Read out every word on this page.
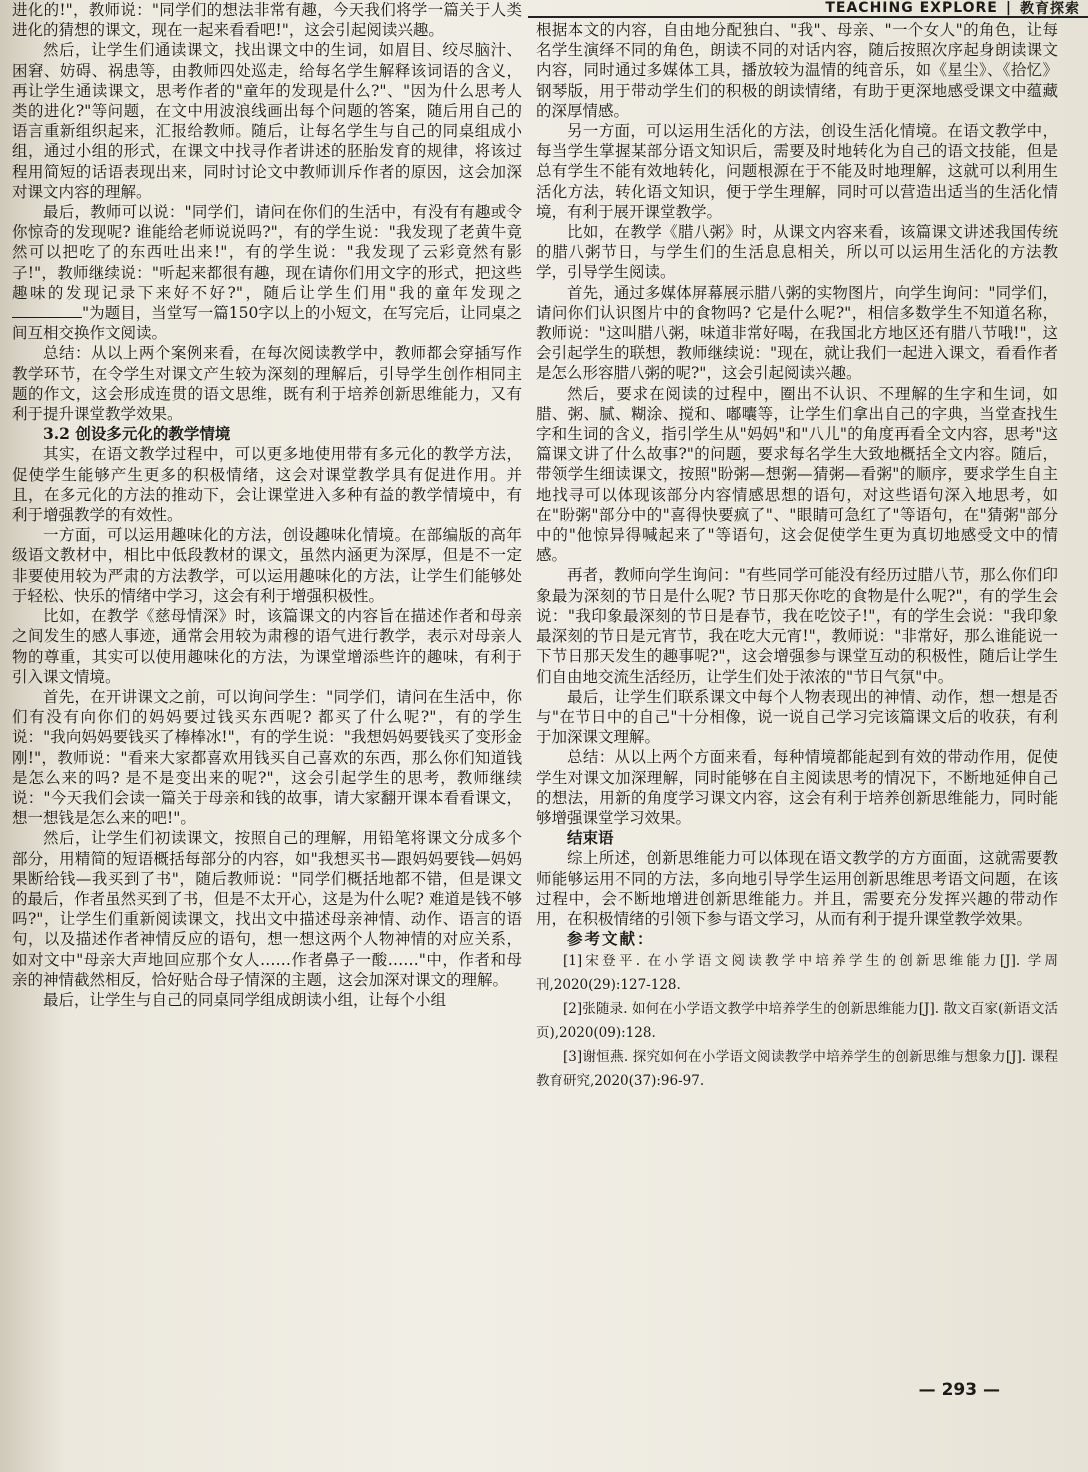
TEACHING EXPLORE | 教育探索

进化的!"，教师说："同学们的想法非常有趣，今天我们将学一篇关于人类进化的猜想的课文，现在一起来看看吧!"，这会引起阅读兴趣。

然后，让学生们通读课文，找出课文中的生词，如眉目、绞尽脑汁、困窘、妨碍、祸患等，由教师四处巡走，给每名学生解释该词语的含义，再让学生通读课文，思考作者的"童年的发现是什么?"、"因为什么思考人类的进化?"等问题，在文中用波浪线画出每个问题的答案，随后用自己的语言重新组织起来，汇报给教师。随后，让每名学生与自己的同桌组成小组，通过小组的形式，在课文中找寻作者讲述的胚胎发育的规律，将该过程用简短的话语表现出来，同时讨论文中教师训斥作者的原因，这会加深对课文内容的理解。

最后，教师可以说："同学们，请问在你们的生活中，有没有有趣或令你惊奇的发现呢? 谁能给老师说说吗?"，有的学生说："我发现了老黄牛竟然可以把吃了的东西吐出来!"，有的学生说："我发现了云彩竟然有影子!"，教师继续说："听起来都很有趣，现在请你们用文字的形式，把这些趣味的发现记录下来好不好?"，随后让学生们用"我的童年发现之"为题目，当堂写一篇150字以上的小短文，在写完后，让同桌之间互相交换作文阅读。

总结：从以上两个案例来看，在每次阅读教学中，教师都会穿插写作教学环节，在令学生对课文产生较为深刻的理解后，引导学生创作相同主题的作文，这会形成连贯的语文思维，既有利于培养创新思维能力，又有利于提升课堂教学效果。

3.2 创设多元化的教学情境

其实，在语文教学过程中，可以更多地使用带有多元化的教学方法，促使学生能够产生更多的积极情绪，这会对课堂教学具有促进作用。并且，在多元化的方法的推动下，会让课堂进入多种有益的教学情境中，有利于增强教学的有效性。

一方面，可以运用趣味化的方法，创设趣味化情境。在部编版的高年级语文教材中，相比中低段教材的课文，虽然内涵更为深厚，但是不一定非要使用较为严肃的方法教学，可以运用趣味化的方法，让学生们能够处于轻松、快乐的情绪中学习，这会有利于增强积极性。

比如，在教学《慈母情深》时，该篇课文的内容旨在描述作者和母亲之间发生的感人事迹，通常会用较为肃穆的语气进行教学，表示对母亲人物的尊重，其实可以使用趣味化的方法，为课堂增添些许的趣味，有利于引入课文情境。

首先，在开讲课文之前，可以询问学生："同学们，请问在生活中，你们有没有向你们的妈妈要过钱买东西呢? 都买了什么呢?"，有的学生说："我向妈妈要钱买了棒棒冰!"，有的学生说："我想妈妈要钱买了变形金刚!"，教师说："看来大家都喜欢用钱买自己喜欢的东西，那么你们知道钱是怎么来的吗? 是不是变出来的呢?"，这会引起学生的思考，教师继续说："今天我们会读一篇关于母亲和钱的故事，请大家翻开课本看看课文，想一想钱是怎么来的吧!"。

然后，让学生们初读课文，按照自己的理解，用铅笔将课文分成多个部分，用精简的短语概括每部分的内容，如"我想买书—跟妈妈要钱—妈妈果断给钱—我买到了书"，随后教师说："同学们概括地都不错，但是课文的最后，作者虽然买到了书，但是不太开心，这是为什么呢? 难道是钱不够吗?"，让学生们重新阅读课文，找出文中描述母亲神情、动作、语言的语句，以及描述作者神情反应的语句，想一想这两个人物神情的对应关系，如对文中"母亲大声地回应那个女人……作者鼻子一酸……"中，作者和母亲的神情截然相反，恰好贴合母子情深的主题，这会加深对课文的理解。

最后，让学生与自己的同桌同学组成朗读小组，让每个小组

根据本文的内容，自由地分配独白、"我"、母亲、"一个女人"的角色，让每名学生演绎不同的角色，朗读不同的对话内容，随后按照次序起身朗读课文内容，同时通过多媒体工具，播放较为温情的纯音乐，如《星尘》、《拾忆》钢琴版，用于带动学生们的积极的朗读情绪，有助于更深地感受课文中蕴藏的深厚情感。

另一方面，可以运用生活化的方法，创设生活化情境。在语文教学中，每当学生掌握某部分语文知识后，需要及时地转化为自己的语文技能，但是总有学生不能有效地转化，问题根源在于不能及时地理解，这就可以利用生活化方法，转化语文知识，便于学生理解，同时可以营造出适当的生活化情境，有利于展开课堂教学。

比如，在教学《腊八粥》时，从课文内容来看，该篇课文讲述我国传统的腊八粥节日，与学生们的生活息息相关，所以可以运用生活化的方法教学，引导学生阅读。

首先，通过多媒体屏幕展示腊八粥的实物图片，向学生询问："同学们，请问你们认识图片中的食物吗? 它是什么呢?"，相信多数学生不知道名称，教师说："这叫腊八粥，味道非常好喝，在我国北方地区还有腊八节哦!"，这会引起学生的联想，教师继续说："现在，就让我们一起进入课文，看看作者是怎么形容腊八粥的呢?"，这会引起阅读兴趣。

然后，要求在阅读的过程中，圈出不认识、不理解的生字和生词，如腊、粥、腻、糊涂、搅和、嘟囔等，让学生们拿出自己的字典，当堂查找生字和生词的含义，指引学生从"妈妈"和"八儿"的角度再看全文内容，思考"这篇课文讲了什么故事?"的问题，要求每名学生大致地概括全文内容。随后，带领学生细读课文，按照"盼粥—想粥—猜粥—看粥"的顺序，要求学生自主地找寻可以体现该部分内容情感思想的语句，对这些语句深入地思考，如在"盼粥"部分中的"喜得快要疯了"、"眼睛可急红了"等语句，在"猜粥"部分中的"他惊异得喊起来了"等语句，这会促使学生更为真切地感受文中的情感。

再者，教师向学生询问："有些同学可能没有经历过腊八节，那么你们印象最为深刻的节日是什么呢? 节日那天你吃的食物是什么呢?"，有的学生会说："我印象最深刻的节日是春节，我在吃饺子!"，有的学生会说："我印象最深刻的节日是元宵节，我在吃大元宵!"，教师说："非常好，那么谁能说一下节日那天发生的趣事呢?"，这会增强参与课堂互动的积极性，随后让学生们自由地交流生活经历，让学生们处于浓浓的"节日气氛"中。

最后，让学生们联系课文中每个人物表现出的神情、动作，想一想是否与"在节日中的自己"十分相像，说一说自己学习完该篇课文后的收获，有利于加深课文理解。

总结：从以上两个方面来看，每种情境都能起到有效的带动作用，促使学生对课文加深理解，同时能够在自主阅读思考的情况下，不断地延伸自己的想法，用新的角度学习课文内容，这会有利于培养创新思维能力，同时能够增强课堂学习效果。

结束语

综上所述，创新思维能力可以体现在语文教学的方方面面，这就需要教师能够运用不同的方法，多向地引导学生运用创新思维思考语文问题，在该过程中，会不断地增进创新思维能力。并且，需要充分发挥兴趣的带动作用，在积极情绪的引领下参与语文学习，从而有利于提升课堂教学效果。

参考文献：

[1]宋登平. 在小学语文阅读教学中培养学生的创新思维能力[J]. 学周刊,2020(29):127-128.

[2]张随录. 如何在小学语文教学中培养学生的创新思维能力[J]. 散文百家(新语文活页),2020(09):128.

[3]谢恒燕. 探究如何在小学语文阅读教学中培养学生的创新思维与想象力[J]. 课程教育研究,2020(37):96-97.

— 293 —
